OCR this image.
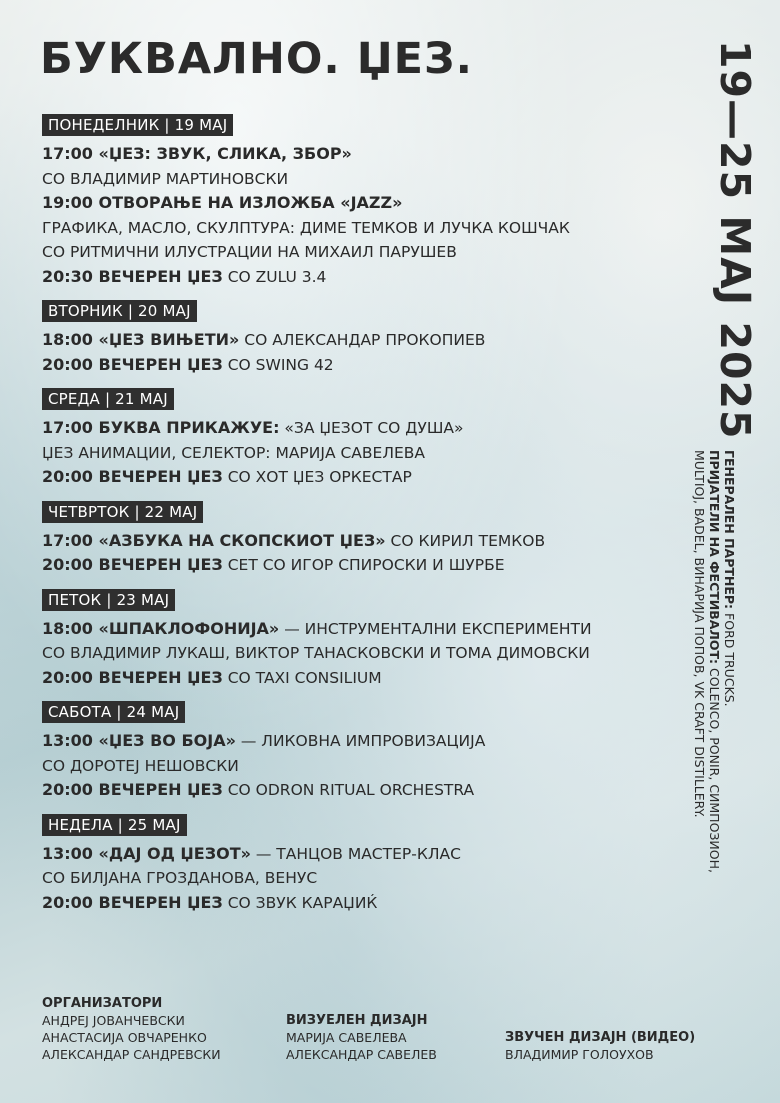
БУКВАЛНО. ЏЕЗ.	19—25 МАЈ 2025
ГЕНЕРАЛЕН ПАРТНЕР: FORD TRUCKS.
ПРИЈАТЕЛИ НА ФЕСТИВАЛОТ: COLENCO, PONIR, СИМПОЗИОН,
MULTIOJ, BADEL, ВИНАРИЈА ПОПОВ, VK CRAFT DISTILLERY.
ПОНЕДЕЛНИК | 19 МАЈ
17:00 «ЏЕЗ: ЗВУК, СЛИКА, ЗБОР»
СО ВЛАДИМИР МАРТИНОВСКИ
19:00 ОТВОРАЊЕ НА ИЗЛОЖБА «JAZZ»
ГРАФИКА, МАСЛО, СКУЛПТУРА: ДИМЕ ТЕМКОВ И ЛУЧКА КОШЧАК
СО РИТМИЧНИ ИЛУСТРАЦИИ НА МИХАИЛ ПАРУШЕВ
20:30 ВЕЧЕРЕН ЏЕЗ СО ZULU 3.4
ВТОРНИК | 20 МАЈ
18:00 «ЏЕЗ ВИЊЕТИ» СО АЛЕКСАНДАР ПРОКОПИЕВ
20:00 ВЕЧЕРЕН ЏЕЗ СО SWING 42
СРЕДА | 21 МАЈ
17:00 БУКВА ПРИКАЖУЕ: «ЗА ЏЕЗОТ СО ДУША»
ЏЕЗ АНИМАЦИИ, СЕЛЕКТОР: МАРИЈА САВЕЛЕВА
20:00 ВЕЧЕРЕН ЏЕЗ СО ХОТ ЏЕЗ ОРКЕСТАР
ЧЕТВРТОК | 22 МАЈ
17:00 «АЗБУКА НА СКОПСКИОТ ЏЕЗ» СО КИРИЛ ТЕМКОВ
20:00 ВЕЧЕРЕН ЏЕЗ СЕТ СО ИГОР СПИРОСКИ И ШУРБЕ
ПЕТОК | 23 МАЈ
18:00 «ШПАКЛОФОНИЈА» — ИНСТРУМЕНТАЛНИ ЕКСПЕРИМЕНТИ
СО ВЛАДИМИР ЛУКАШ, ВИКТОР ТАНАСКОВСКИ И ТОМА ДИМОВСКИ
20:00 ВЕЧЕРЕН ЏЕЗ СО TAXI CONSILIUM
САБОТА | 24 МАЈ
13:00 «ЏЕЗ ВО БОЈА» — ЛИКОВНА ИМПРОВИЗАЦИЈА
СО ДОРОТЕЈ НЕШОВСКИ
20:00 ВЕЧЕРЕН ЏЕЗ СО ODRON RITUAL ORCHESTRA
НЕДЕЛА | 25 МАЈ
13:00 «ДАЈ ОД ЏЕЗОТ» — ТАНЦОВ МАСТЕР-КЛАС
СО БИЛЈАНА ГРОЗДАНОВА, ВЕНУС
20:00 ВЕЧЕРЕН ЏЕЗ СО ЗВУК КАРАЏИЌ
ОРГАНИЗАТОРИ
АНДРЕЈ ЈОВАНЧЕВСКИ
АНАСТАСИЈА ОВЧАРЕНКО
АЛЕКСАНДАР САНДРЕВСКИ
ВИЗУЕЛЕН ДИЗАЈН
МАРИЈА САВЕЛЕВА
АЛЕКСАНДАР САВЕЛЕВ
ЗВУЧЕН ДИЗАЈН (ВИДЕО)
ВЛАДИМИР ГОЛОУХОВ
